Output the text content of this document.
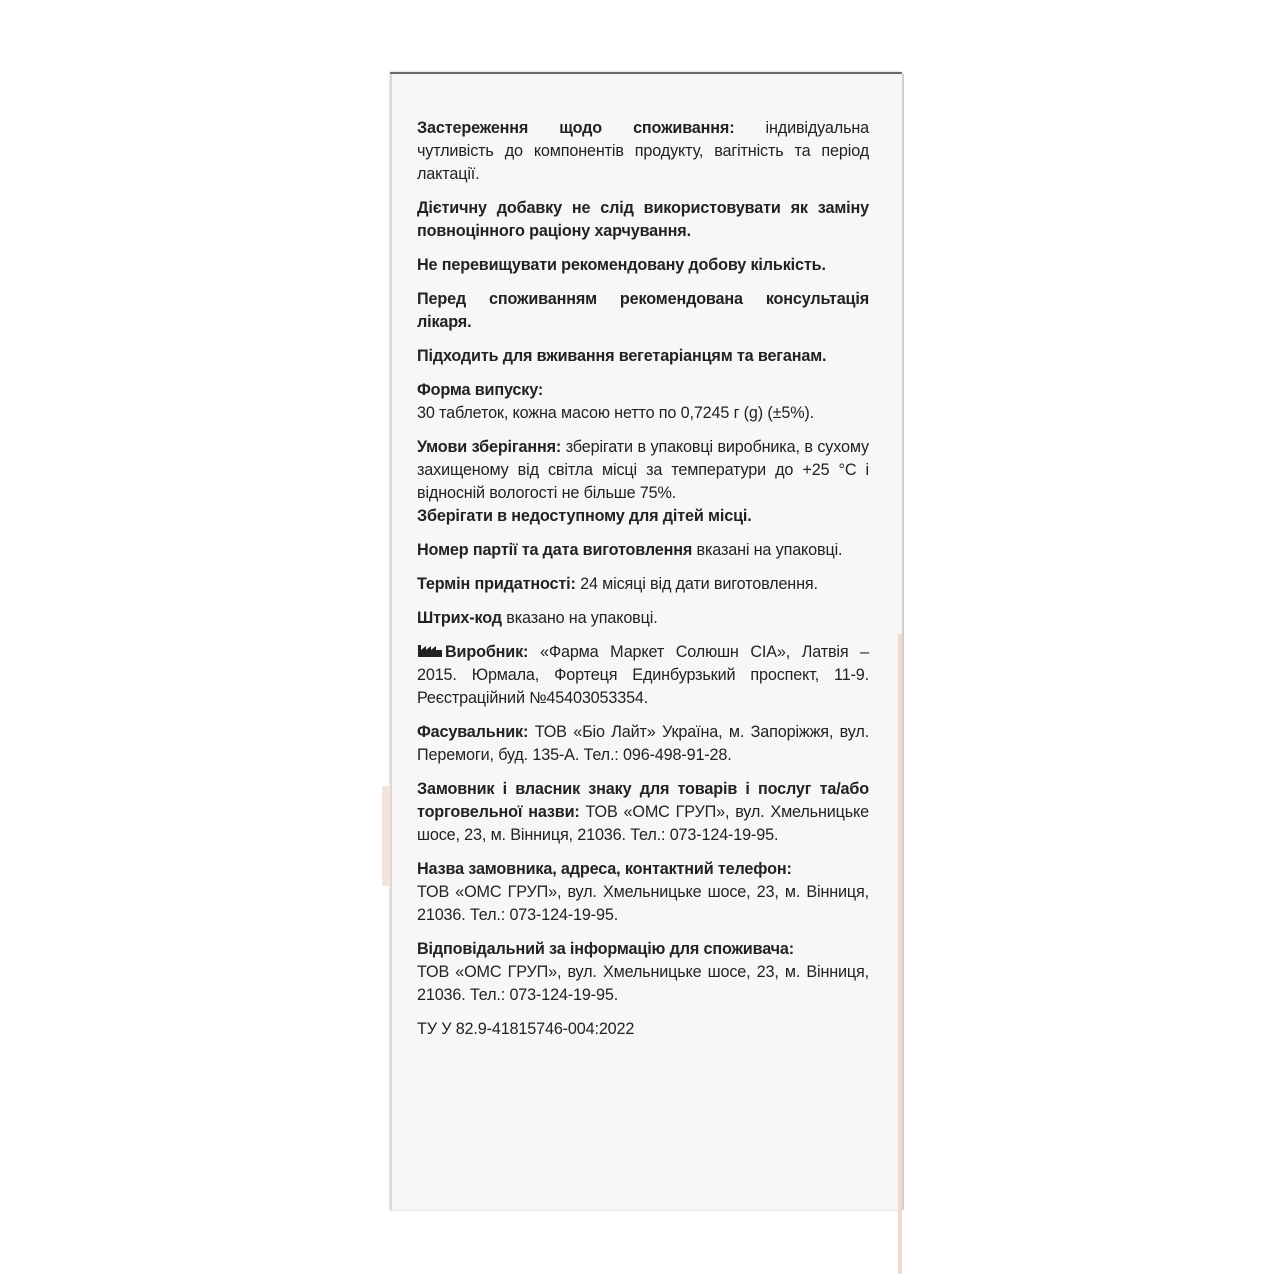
Застереження щодо споживання: індивідуальна чутливість до компонентів продукту, вагітність та період лактації.

Дієтичну добавку не слід використовувати як заміну повноцінного раціону харчування.

Не перевищувати рекомендовану добову кількість.

Перед споживанням рекомендована консультація лікаря.

Підходить для вживання вегетаріанцям та веганам.

Форма випуску:
30 таблеток, кожна масою нетто по 0,7245 г (g) (±5%).

Умови зберігання: зберігати в упаковці виробника, в сухому захищеному від світла місці за температури до +25 °С і відносній вологості не більше 75%.

Зберігати в недоступному для дітей місці.

Номер партії та дата виготовлення вказані на упаковці.

Термін придатності: 24 місяці від дати виготовлення.

Штрих-код вказано на упаковці.

Виробник: «Фарма Маркет Солюшн СІА», Латвія – 2015. Юрмала, Фортеця Единбурзький проспект, 11-9. Реєстраційний №45403053354.

Фасувальник: ТОВ «Біо Лайт» Україна, м. Запоріжжя, вул. Перемоги, буд. 135-А. Тел.: 096-498-91-28.

Замовник і власник знаку для товарів і послуг та/або торговельної назви: ТОВ «ОМС ГРУП», вул. Хмельницьке шосе, 23, м. Вінниця, 21036. Тел.: 073-124-19-95.

Назва замовника, адреса, контактний телефон:
ТОВ «ОМС ГРУП», вул. Хмельницьке шосе, 23, м. Вінниця, 21036. Тел.: 073-124-19-95.

Відповідальний за інформацію для споживача:
ТОВ «ОМС ГРУП», вул. Хмельницьке шосе, 23, м. Вінниця, 21036. Тел.: 073-124-19-95.

ТУ У 82.9-41815746-004:2022
